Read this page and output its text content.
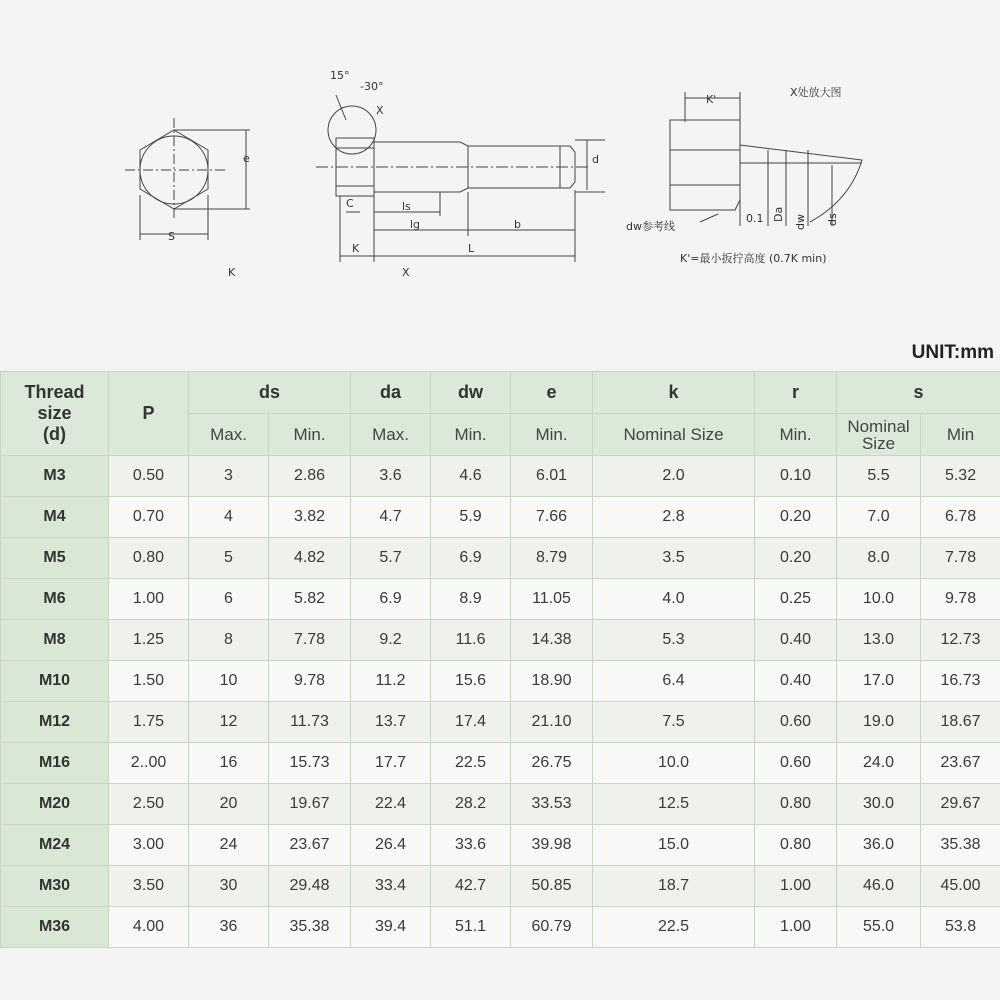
e
S
K
15°
-30°
X
d
C	ls
lg	b
K	L
X
X处放大图
K'
0.1 Da dw ds
dw参考线
K'=最小扳拧高度 (0.7K min)
UNIT:mm
Thread
size
(d)	P	ds		da	dw	e	k	r	s	
		Max.	Min.	Max.	Min.	Min.	Nominal Size	Min.	Nominal
Size	Min
M3	0.50	3	2.86	3.6	4.6	6.01	2.0	0.10	5.5	5.32
M4	0.70	4	3.82	4.7	5.9	7.66	2.8	0.20	7.0	6.78
M5	0.80	5	4.82	5.7	6.9	8.79	3.5	0.20	8.0	7.78
M6	1.00	6	5.82	6.9	8.9	11.05	4.0	0.25	10.0	9.78
M8	1.25	8	7.78	9.2	11.6	14.38	5.3	0.40	13.0	12.73
M10	1.50	10	9.78	11.2	15.6	18.90	6.4	0.40	17.0	16.73
M12	1.75	12	11.73	13.7	17.4	21.10	7.5	0.60	19.0	18.67
M16	2..00	16	15.73	17.7	22.5	26.75	10.0	0.60	24.0	23.67
M20	2.50	20	19.67	22.4	28.2	33.53	12.5	0.80	30.0	29.67
M24	3.00	24	23.67	26.4	33.6	39.98	15.0	0.80	36.0	35.38
M30	3.50	30	29.48	33.4	42.7	50.85	18.7	1.00	46.0	45.00
M36	4.00	36	35.38	39.4	51.1	60.79	22.5	1.00	55.0	53.8
